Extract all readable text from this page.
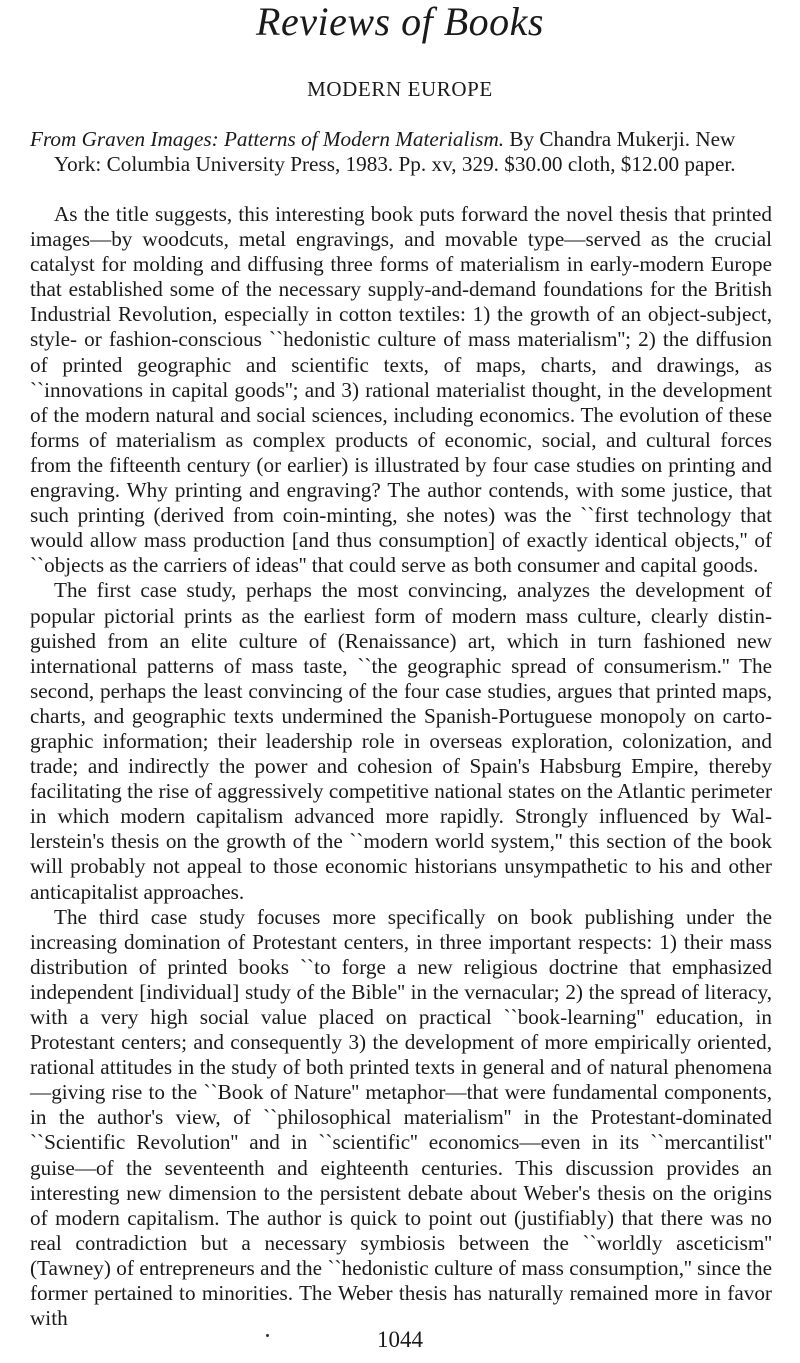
Reviews of Books
MODERN EUROPE
From Graven Images: Patterns of Modern Materialism. By Chandra Mukerji. New York: Columbia University Press, 1983. Pp. xv, 329. $30.00 cloth, $12.00 paper.

As the title suggests, this interesting book puts forward the novel thesis that printed images—by woodcuts, metal engravings, and movable type—served as the crucial catalyst for molding and diffusing three forms of materialism in early-modern Europe that established some of the necessary supply-and-demand foundations for the British Industrial Revolution, especially in cotton textiles: 1) the growth of an object-subject, style- or fashion-conscious ``hedonistic culture of mass materialism''; 2) the diffusion of printed geographic and scientific texts, of maps, charts, and drawings, as ``innovations in capital goods''; and 3) rational materialist thought, in the development of the modern natural and social sciences, including economics. The evolution of these forms of materialism as complex products of economic, social, and cultural forces from the fifteenth century (or earlier) is illustrated by four case studies on printing and engraving. Why printing and engraving? The author contends, with some justice, that such printing (derived from coin-minting, she notes) was the ``first technology that would allow mass production [and thus consumption] of exactly identical objects,'' of ``objects as the carriers of ideas'' that could serve as both consumer and capital goods.

The first case study, perhaps the most convincing, analyzes the development of popular pictorial prints as the earliest form of modern mass culture, clearly distinguished from an elite culture of (Renaissance) art, which in turn fashioned new international patterns of mass taste, ``the geographic spread of consumerism.'' The second, perhaps the least convincing of the four case studies, argues that printed maps, charts, and geographic texts undermined the Spanish-Portuguese monopoly on cartographic information; their leadership role in overseas exploration, colonization, and trade; and indirectly the power and cohesion of Spain's Habsburg Empire, thereby facilitating the rise of aggressively competitive national states on the Atlantic perimeter in which modern capitalism advanced more rapidly. Strongly influenced by Wallerstein's thesis on the growth of the ``modern world system,'' this section of the book will probably not appeal to those economic historians unsympathetic to his and other anticapitalist approaches.

The third case study focuses more specifically on book publishing under the increasing domination of Protestant centers, in three important respects: 1) their mass distribution of printed books ``to forge a new religious doctrine that emphasized independent [individual] study of the Bible'' in the vernacular; 2) the spread of literacy, with a very high social value placed on practical ``book-learning'' education, in Protestant centers; and consequently 3) the development of more empirically oriented, rational attitudes in the study of both printed texts in general and of natural phenomena—giving rise to the ``Book of Nature'' metaphor—that were fundamental components, in the author's view, of ``philosophical materialism'' in the Protestant-dominated ``Scientific Revolution'' and in ``scientific'' economics—even in its ``mercantilist'' guise—of the seventeenth and eighteenth centuries. This discussion provides an interesting new dimension to the persistent debate about Weber's thesis on the origins of modern capitalism. The author is quick to point out (justifiably) that there was no real contradiction but a necessary symbiosis between the ``worldly asceticism'' (Tawney) of entrepreneurs and the ``hedonistic culture of mass consumption,'' since the former pertained to minorities. The Weber thesis has naturally remained more in favor with

1044
